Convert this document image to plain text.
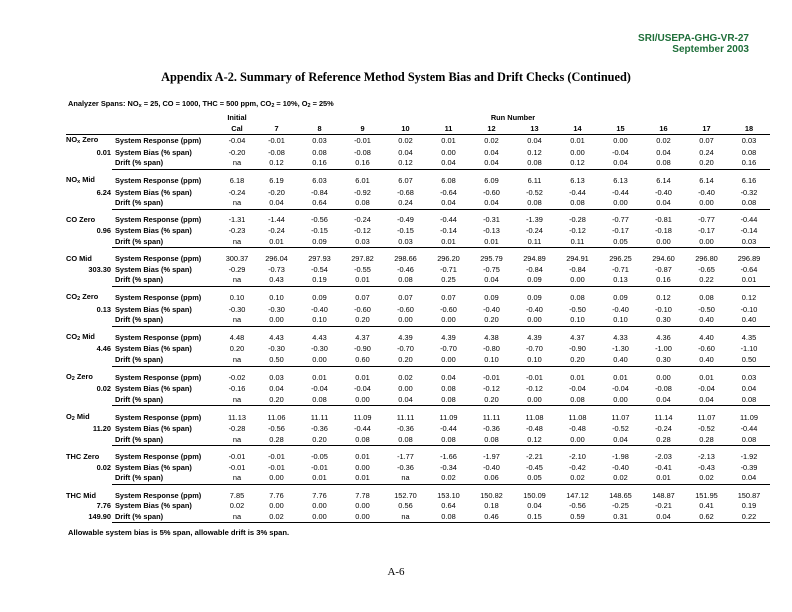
SRI/USEPA-GHG-VR-27
September 2003
Appendix A-2. Summary of Reference Method System Bias and Drift Checks (Continued)
Analyzer Spans: $NO_x = 25$, CO = 1000, THC = 500 ppm, $CO_2 = 10\%$, $O_2 = 25\%$
		Initial						Run Number						
		Cal	7	8	9	10	11	12	13	14	15	16	17	18
$NO_x$ Zero	System Response (ppm)	-0.04	-0.01	0.03	-0.01	0.02	0.01	0.02	0.04	0.01	0.00	0.02	0.07	0.03
0.01	System Bias (% span)	-0.20	-0.08	0.08	-0.08	0.04	0.00	0.04	0.12	0.00	-0.04	0.04	0.24	0.08
	Drift (% span)	na	0.12	0.16	0.16	0.12	0.04	0.04	0.08	0.12	0.04	0.08	0.20	0.16

$NO_x$ Mid	System Response (ppm)	6.18	6.19	6.03	6.01	6.07	6.08	6.09	6.11	6.13	6.13	6.14	6.14	6.16
6.24	System Bias (% span)	-0.24	-0.20	-0.84	-0.92	-0.68	-0.64	-0.60	-0.52	-0.44	-0.44	-0.40	-0.40	-0.32
	Drift (% span)	na	0.04	0.64	0.08	0.24	0.04	0.04	0.08	0.08	0.00	0.04	0.00	0.08

CO Zero	System Response (ppm)	-1.31	-1.44	-0.56	-0.24	-0.49	-0.44	-0.31	-1.39	-0.28	-0.77	-0.81	-0.77	-0.44
0.96	System Bias (% span)	-0.23	-0.24	-0.15	-0.12	-0.15	-0.14	-0.13	-0.24	-0.12	-0.17	-0.18	-0.17	-0.14
	Drift (% span)	na	0.01	0.09	0.03	0.03	0.01	0.01	0.11	0.11	0.05	0.00	0.00	0.03

CO Mid	System Response (ppm)	300.37	296.04	297.93	297.82	298.66	296.20	295.79	294.89	294.91	296.25	294.60	296.80	296.89
303.30	System Bias (% span)	-0.29	-0.73	-0.54	-0.55	-0.46	-0.71	-0.75	-0.84	-0.84	-0.71	-0.87	-0.65	-0.64
	Drift (% span)	na	0.43	0.19	0.01	0.08	0.25	0.04	0.09	0.00	0.13	0.16	0.22	0.01

$CO_2$ Zero	System Response (ppm)	0.10	0.10	0.09	0.07	0.07	0.07	0.09	0.09	0.08	0.09	0.12	0.08	0.12
0.13	System Bias (% span)	-0.30	-0.30	-0.40	-0.60	-0.60	-0.60	-0.40	-0.40	-0.50	-0.40	-0.10	-0.50	-0.10
	Drift (% span)	na	0.00	0.10	0.20	0.00	0.00	0.20	0.00	0.10	0.10	0.30	0.40	0.40

$CO_2$ Mid	System Response (ppm)	4.48	4.43	4.43	4.37	4.39	4.39	4.38	4.39	4.37	4.33	4.36	4.40	4.35
4.46	System Bias (% span)	0.20	-0.30	-0.30	-0.90	-0.70	-0.70	-0.80	-0.70	-0.90	-1.30	-1.00	-0.60	-1.10
	Drift (% span)	na	0.50	0.00	0.60	0.20	0.00	0.10	0.10	0.20	0.40	0.30	0.40	0.50

$O_2$ Zero	System Response (ppm)	-0.02	0.03	0.01	0.01	0.02	0.04	-0.01	-0.01	0.01	0.01	0.00	0.01	0.03
0.02	System Bias (% span)	-0.16	0.04	-0.04	-0.04	0.00	0.08	-0.12	-0.12	-0.04	-0.04	-0.08	-0.04	0.04
	Drift (% span)	na	0.20	0.08	0.00	0.04	0.08	0.20	0.00	0.08	0.00	0.04	0.04	0.08

$O_2$ Mid	System Response (ppm)	11.13	11.06	11.11	11.09	11.11	11.09	11.11	11.08	11.08	11.07	11.14	11.07	11.09
11.20	System Bias (% span)	-0.28	-0.56	-0.36	-0.44	-0.36	-0.44	-0.36	-0.48	-0.48	-0.52	-0.24	-0.52	-0.44
	Drift (% span)	na	0.28	0.20	0.08	0.08	0.08	0.08	0.12	0.00	0.04	0.28	0.28	0.08

THC Zero	System Response (ppm)	-0.01	-0.01	-0.05	0.01	-1.77	-1.66	-1.97	-2.21	-2.10	-1.98	-2.03	-2.13	-1.92
0.02	System Bias (% span)	-0.01	-0.01	-0.01	0.00	-0.36	-0.34	-0.40	-0.45	-0.42	-0.40	-0.41	-0.43	-0.39
	Drift (% span)	na	0.00	0.01	0.01	na	0.02	0.06	0.05	0.02	0.02	0.01	0.02	0.04

THC Mid	System Response (ppm)	7.85	7.76	7.76	7.78	152.70	153.10	150.82	150.09	147.12	148.65	148.87	151.95	150.87
7.76	System Bias (% span)	0.02	0.00	0.00	0.00	0.56	0.64	0.18	0.04	-0.56	-0.25	-0.21	0.41	0.19
149.90	Drift (% span)	na	0.02	0.00	0.00	na	0.08	0.46	0.15	0.59	0.31	0.04	0.62	0.22
Allowable system bias is 5% span, allowable drift is 3% span.
A-6
